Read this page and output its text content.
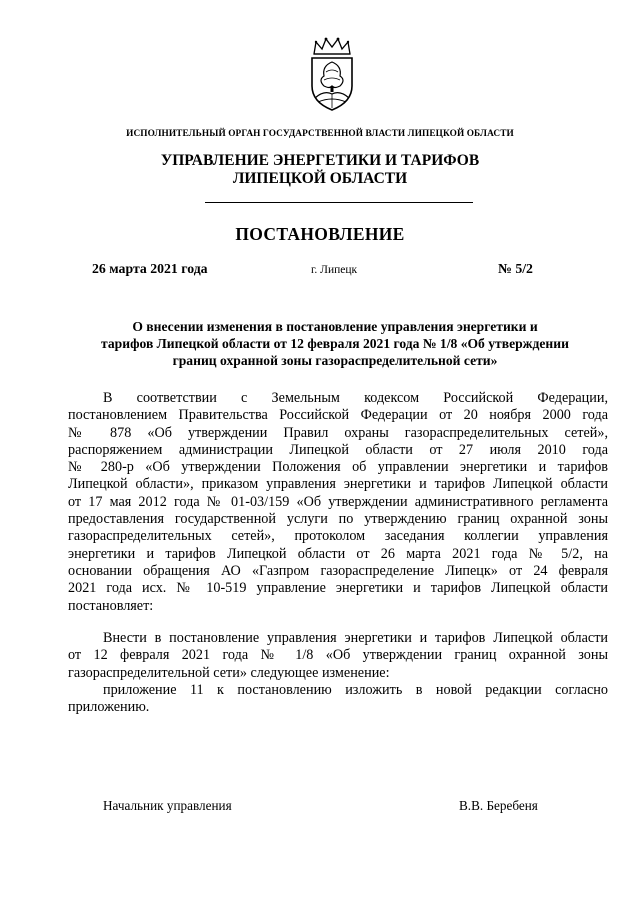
ИСПОЛНИТЕЛЬНЫЙ ОРГАН ГОСУДАРСТВЕННОЙ ВЛАСТИ ЛИПЕЦКОЙ ОБЛАСТИ
УПРАВЛЕНИЕ ЭНЕРГЕТИКИ И ТАРИФОВ
ЛИПЕЦКОЙ ОБЛАСТИ
ПОСТАНОВЛЕНИЕ
26 марта 2021 года	г. Липецк	№ 5/2
О внесении изменения в постановление управления энергетики и
тарифов Липецкой области от 12 февраля 2021 года № 1/8 «Об утверждении
границ охранной зоны газораспределительной сети»
В соответствии с Земельным кодексом Российской Федерации,
постановлением Правительства Российской Федерации от 20 ноября 2000 года
№ 878 «Об утверждении Правил охраны газораспределительных сетей»,
распоряжением администрации Липецкой области от 27 июля 2010 года
№ 280-р «Об утверждении Положения об управлении энергетики и тарифов
Липецкой области», приказом управления энергетики и тарифов Липецкой области
от 17 мая 2012 года № 01-03/159 «Об утверждении административного регламента
предоставления государственной услуги по утверждению границ охранной зоны
газораспределительных сетей», протоколом заседания коллегии управления
энергетики и тарифов Липецкой области от 26 марта 2021 года № 5/2, на
основании обращения АО «Газпром газораспределение Липецк» от 24 февраля
2021 года исх. № 10-519 управление энергетики и тарифов Липецкой области
постановляет:
Внести в постановление управления энергетики и тарифов Липецкой области
от 12 февраля 2021 года № 1/8 «Об утверждении границ охранной зоны
газораспределительной сети» следующее изменение:
приложение 11 к постановлению изложить в новой редакции согласно
приложению.
Начальник управления	В.В. Беребеня
